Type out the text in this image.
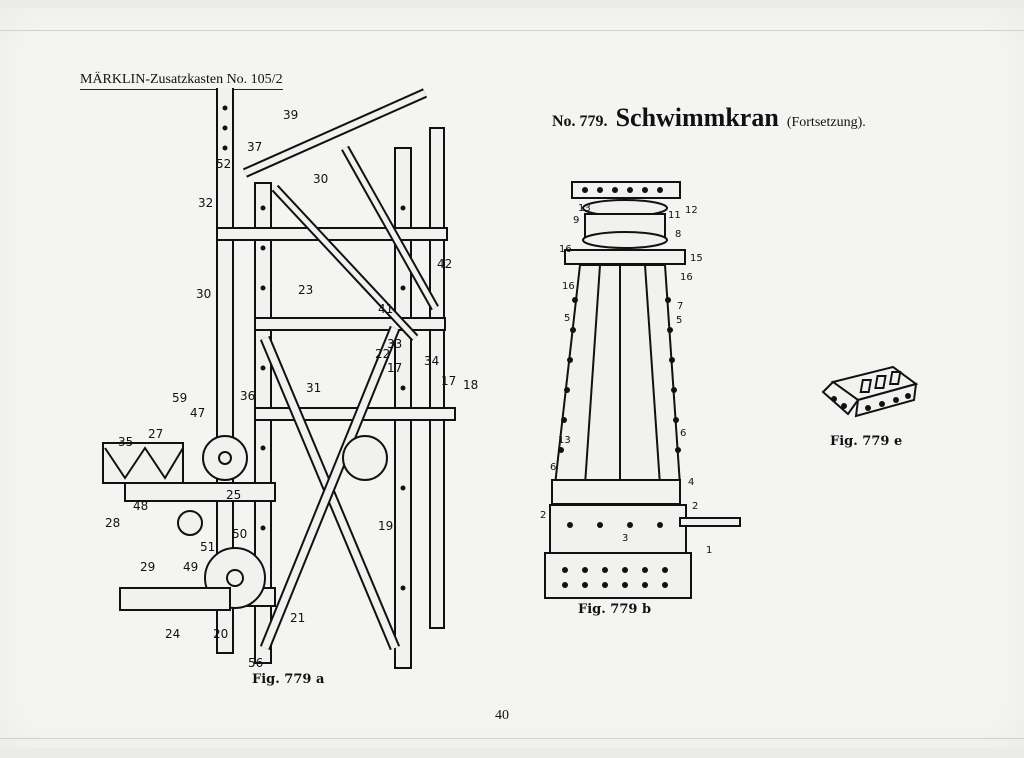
MÄRKLIN-Zusatzkasten No. 105/2
No. 779. Schwimmkran (Fortsetzung).
39
37
52
32
30
30	23
42
41
22
33
34
17
17 18
31
36
59
47
27
35
25
48
28
50
51
49
29
24	20
21
19
56
Fig. 779 a
13
11 12
9
8
16
15
16
16
7
5	5
6
13
6
4
2
2
3
1
Fig. 779 b
Fig. 779 e
40
